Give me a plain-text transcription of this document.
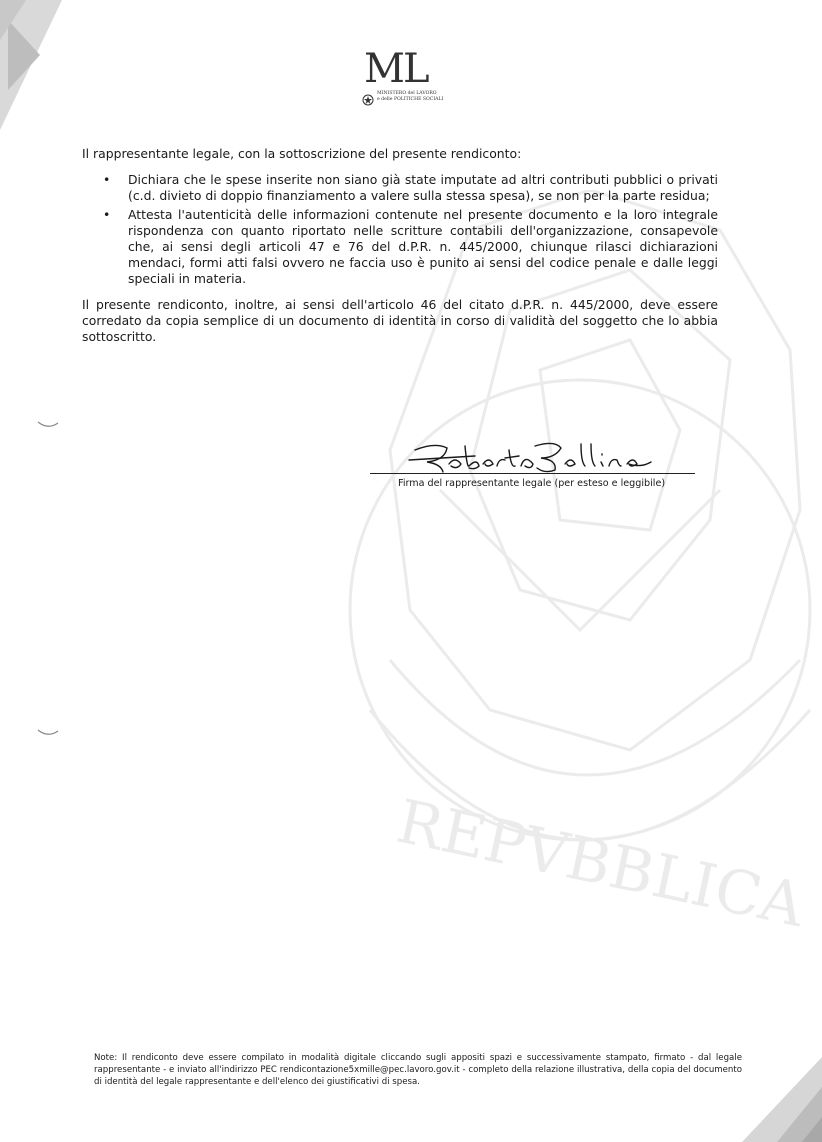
REPVBBLICA
ML
MINISTERO del LAVORO
e delle POLITICHE SOCIALI

Il rappresentante legale, con la sottoscrizione del presente rendiconto:

• Dichiara che le spese inserite non siano già state imputate ad altri contributi pubblici o privati (c.d. divieto di doppio finanziamento a valere sulla stessa spesa), se non per la parte residua;
• Attesta l'autenticità delle informazioni contenute nel presente documento e la loro integrale rispondenza con quanto riportato nelle scritture contabili dell'organizzazione, consapevole che, ai sensi degli articoli 47 e 76 del d.P.R. n. 445/2000, chiunque rilasci dichiarazioni mendaci, formi atti falsi ovvero ne faccia uso è punito ai sensi del codice penale e dalle leggi speciali in materia.

Il presente rendiconto, inoltre, ai sensi dell'articolo 46 del citato d.P.R. n. 445/2000, deve essere corredato da copia semplice di un documento di identità in corso di validità del soggetto che lo abbia sottoscritto.

Firma del rappresentante legale (per esteso e leggibile)
Note: Il rendiconto deve essere compilato in modalità digitale cliccando sugli appositi spazi e successivamente stampato, firmato - dal legale rappresentante - e inviato all'indirizzo PEC rendicontazione5xmille@pec.lavoro.gov.it - completo della relazione illustrativa, della copia del documento di identità del legale rappresentante e dell'elenco dei giustificativi di spesa.
